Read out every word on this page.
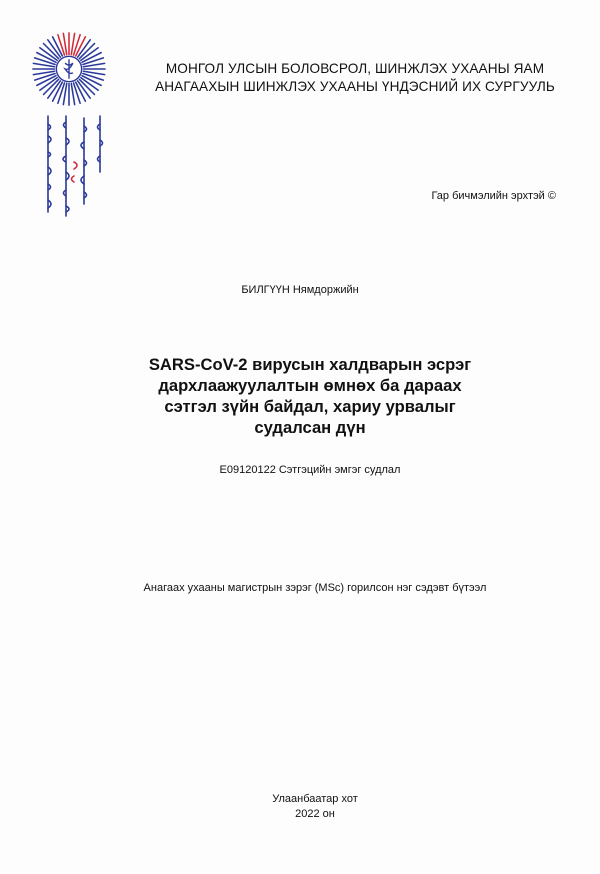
МОНГОЛ УЛСЫН БОЛОВСРОЛ, ШИНЖЛЭХ УХААНЫ ЯАМ
АНАГААХЫН ШИНЖЛЭХ УХААНЫ ҮНДЭСНИЙ ИХ СУРГУУЛЬ
Гар бичмэлийн эрхтэй ©
БИЛГҮҮН Нямдоржийн
SARS-CoV-2 вирусын халдварын эсрэг
дархлаажуулалтын өмнөх ба дараах
сэтгэл зүйн байдал, хариу урвалыг
судалсан дүн
E09120122 Сэтгэцийн эмгэг судлал
Анагаах ухааны магистрын зэрэг (MSc) горилсон нэг сэдэвт бүтээл
Улаанбаатар хот
2022 он
